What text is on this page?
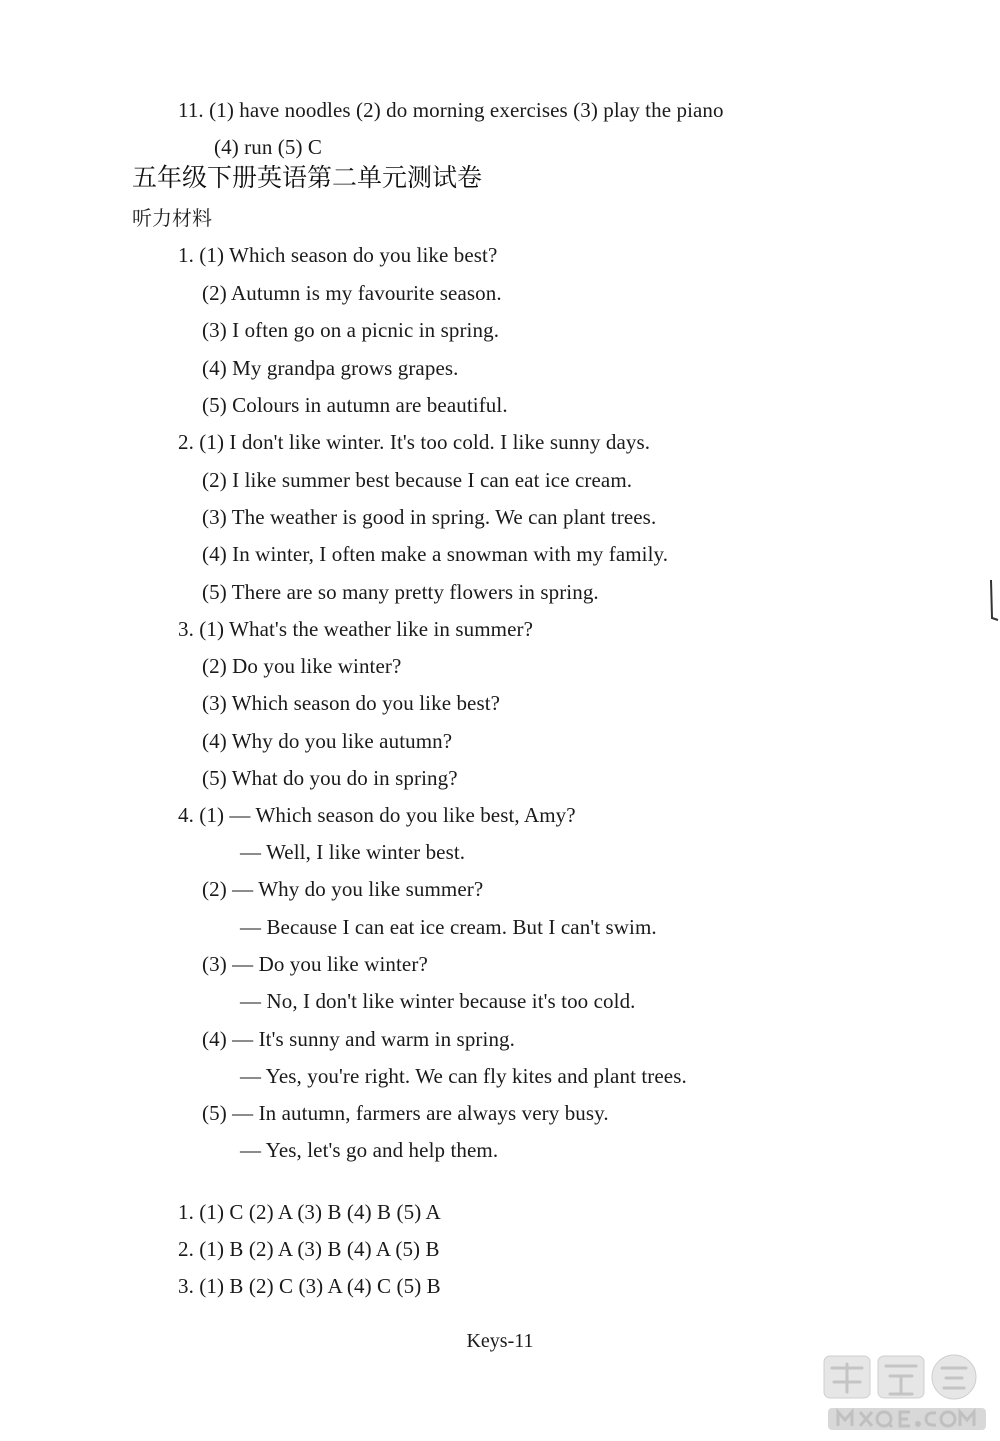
11. (1) have noodles (2) do morning exercises (3) play the piano
(4) run (5) C
五年级下册英语第二单元测试卷
听力材料
1. (1) Which season do you like best?
(2) Autumn is my favourite season.
(3) I often go on a picnic in spring.
(4) My grandpa grows grapes.
(5) Colours in autumn are beautiful.
2. (1) I don't like winter. It's too cold. I like sunny days.
(2) I like summer best because I can eat ice cream.
(3) The weather is good in spring. We can plant trees.
(4) In winter, I often make a snowman with my family.
(5) There are so many pretty flowers in spring.
3. (1) What's the weather like in summer?
(2) Do you like winter?
(3) Which season do you like best?
(4) Why do you like autumn?
(5) What do you do in spring?
4. (1) — Which season do you like best, Amy?
— Well, I like winter best.
(2) — Why do you like summer?
— Because I can eat ice cream. But I can't swim.
(3) — Do you like winter?
— No, I don't like winter because it's too cold.
(4) — It's sunny and warm in spring.
— Yes, you're right. We can fly kites and plant trees.
(5) — In autumn, farmers are always very busy.
— Yes, let's go and help them.
1. (1) C (2) A (3) B (4) B (5) A
2. (1) B (2) A (3) B (4) A (5) B
3. (1) B (2) C (3) A (4) C (5) B
Keys-11
